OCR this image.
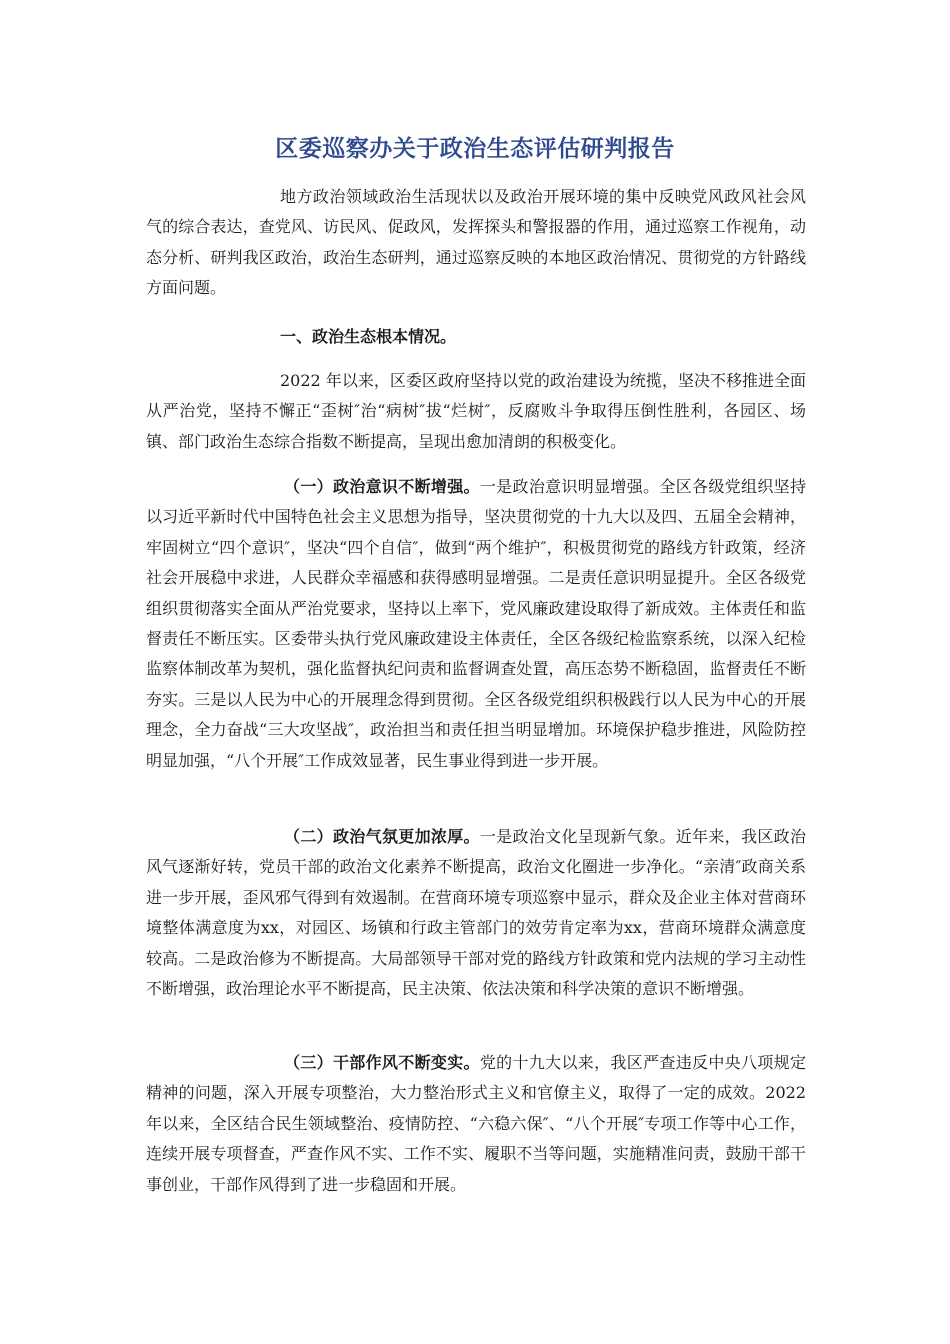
区委巡察办关于政治生态评估研判报告

地方政治领域政治生活现状以及政治开展环境的集中反映党风政风社会风气的综合表达，查党风、访民风、促政风，发挥探头和警报器的作用，通过巡察工作视角，动态分析、研判我区政治，政治生态研判，通过巡察反映的本地区政治情况、贯彻党的方针路线方面问题。

一、政治生态根本情况。

2022 年以来，区委区政府坚持以党的政治建设为统揽，坚决不移推进全面从严治党，坚持不懈正“歪树″治“病树″拔“烂树″，反腐败斗争取得压倒性胜利，各园区、场镇、部门政治生态综合指数不断提高，呈现出愈加清朗的积极变化。

（一）政治意识不断增强。一是政治意识明显增强。全区各级党组织坚持以习近平新时代中国特色社会主义思想为指导，坚决贯彻党的十九大以及四、五届全会精神，牢固树立“四个意识″，坚决“四个自信″，做到“两个维护″，积极贯彻党的路线方针政策，经济社会开展稳中求进，人民群众幸福感和获得感明显增强。二是责任意识明显提升。全区各级党组织贯彻落实全面从严治党要求，坚持以上率下，党风廉政建设取得了新成效。主体责任和监督责任不断压实。区委带头执行党风廉政建设主体责任，全区各级纪检监察系统，以深入纪检监察体制改革为契机，强化监督执纪问责和监督调查处置，高压态势不断稳固，监督责任不断夯实。三是以人民为中心的开展理念得到贯彻。全区各级党组织积极践行以人民为中心的开展理念，全力奋战“三大攻坚战″，政治担当和责任担当明显增加。环境保护稳步推进，风险防控明显加强，“八个开展″工作成效显著，民生事业得到进一步开展。

（二）政治气氛更加浓厚。一是政治文化呈现新气象。近年来，我区政治风气逐渐好转，党员干部的政治文化素养不断提高，政治文化圈进一步净化。“亲清″政商关系进一步开展，歪风邪气得到有效遏制。在营商环境专项巡察中显示，群众及企业主体对营商环境整体满意度为xx，对园区、场镇和行政主管部门的效劳肯定率为xx，营商环境群众满意度较高。二是政治修为不断提高。大局部领导干部对党的路线方针政策和党内法规的学习主动性不断增强，政治理论水平不断提高，民主决策、依法决策和科学决策的意识不断增强。

（三）干部作风不断变实。党的十九大以来，我区严查违反中央八项规定精神的问题，深入开展专项整治，大力整治形式主义和官僚主义，取得了一定的成效。2022年以来，全区结合民生领域整治、疫情防控、“六稳六保″、“八个开展″专项工作等中心工作，连续开展专项督查，严查作风不实、工作不实、履职不当等问题，实施精准问责，鼓励干部干事创业，干部作风得到了进一步稳固和开展。
